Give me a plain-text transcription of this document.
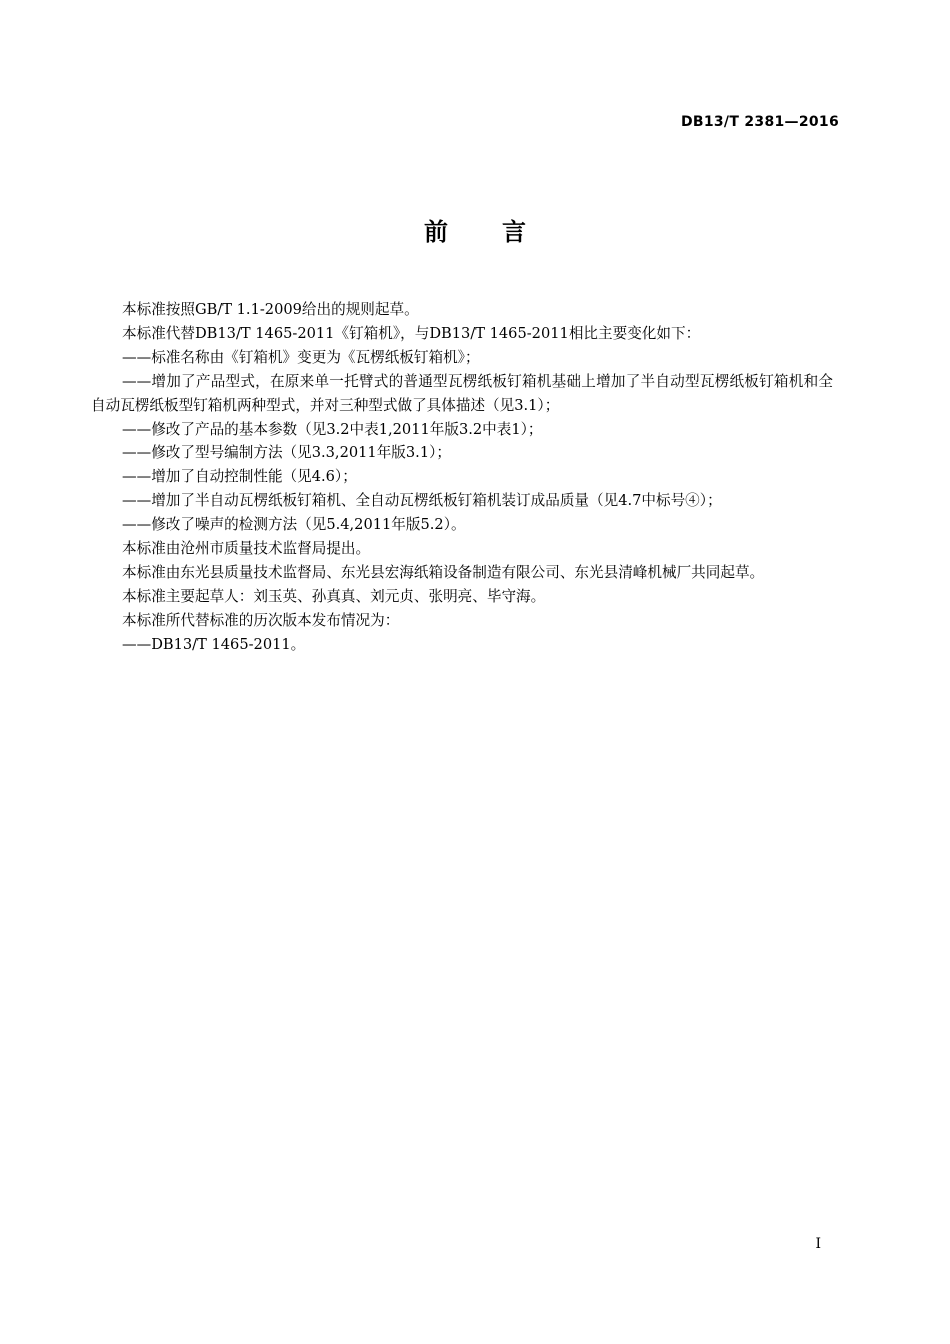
DB13/T 2381—2016
前言

本标准按照GB/T 1.1-2009给出的规则起草。

本标准代替DB13/T 1465-2011《钉箱机》，与DB13/T 1465-2011相比主要变化如下：

——标准名称由《钉箱机》变更为《瓦楞纸板钉箱机》；

——增加了产品型式，在原来单一托臂式的普通型瓦楞纸板钉箱机基础上增加了半自动型瓦楞纸板钉箱机和全自动瓦楞纸板型钉箱机两种型式，并对三种型式做了具体描述（见3.1）；

——修改了产品的基本参数（见3.2中表1,2011年版3.2中表1）；

——修改了型号编制方法（见3.3,2011年版3.1）；

——增加了自动控制性能（见4.6）；

——增加了半自动瓦楞纸板钉箱机、全自动瓦楞纸板钉箱机装订成品质量（见4.7中标号④）；

——修改了噪声的检测方法（见5.4,2011年版5.2）。

本标准由沧州市质量技术监督局提出。

本标准由东光县质量技术监督局、东光县宏海纸箱设备制造有限公司、东光县清峰机械厂共同起草。

本标准主要起草人：刘玉英、孙真真、刘元贞、张明亮、毕守海。

本标准所代替标准的历次版本发布情况为：

——DB13/T 1465-2011。

I
